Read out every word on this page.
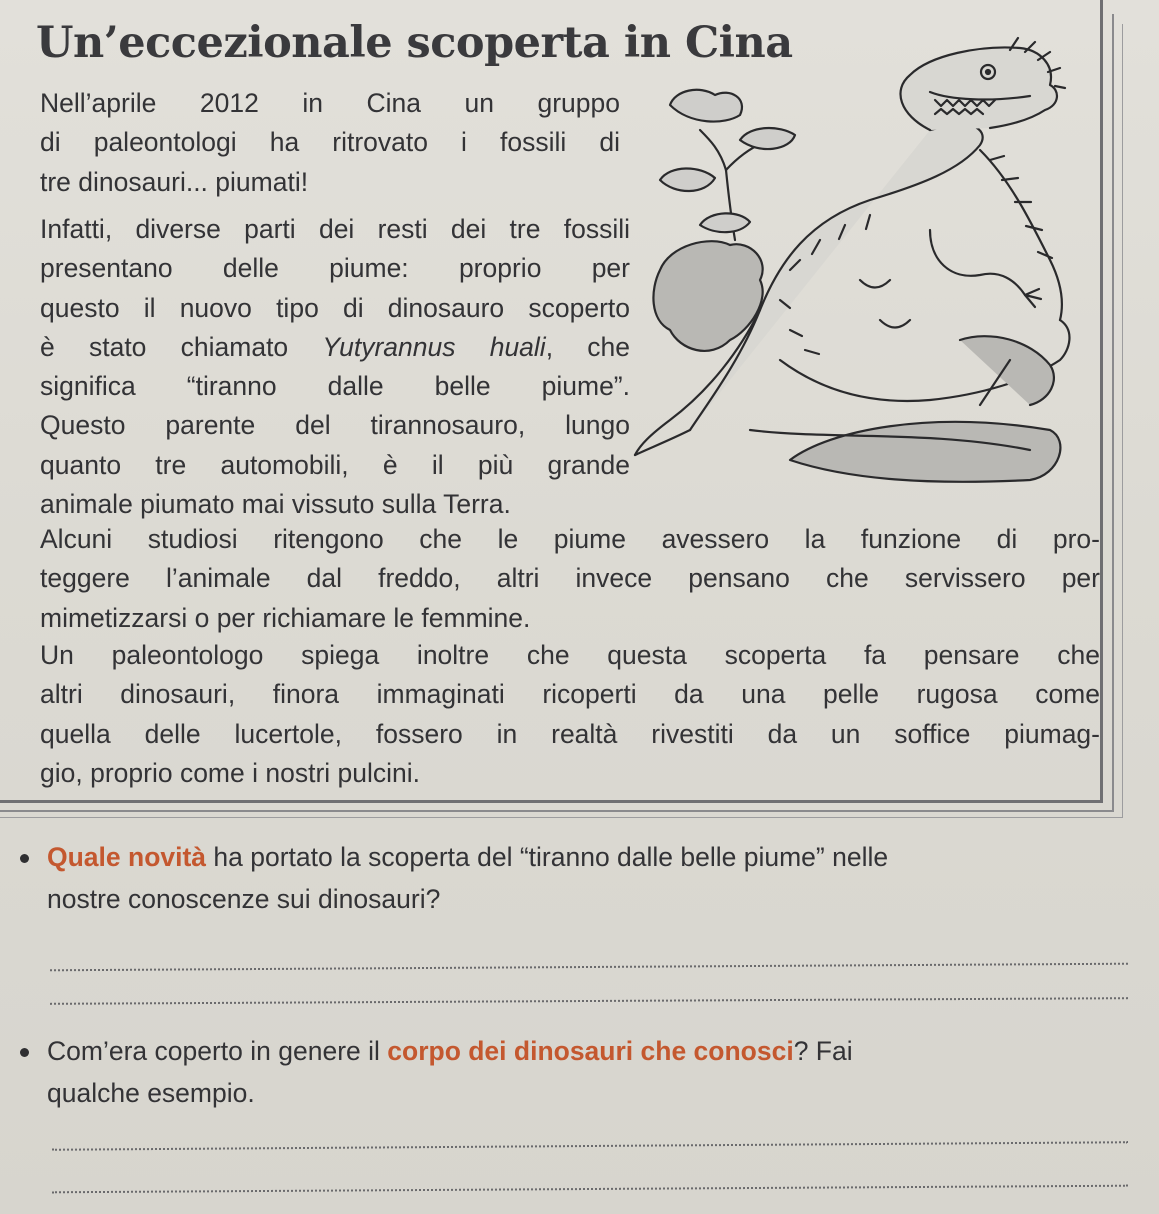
Un’eccezionale scoperta in Cina

Nell’aprile 2012 in Cina un gruppo
di paleontologi ha ritrovato i fossili di
tre dinosauri... piumati!

Infatti, diverse parti dei resti dei tre fossili
presentano delle piume: proprio per
questo il nuovo tipo di dinosauro scoperto
è stato chiamato Yutyrannus huali, che
significa “tiranno dalle belle piume”.
Questo parente del tirannosauro, lungo
quanto tre automobili, è il più grande
animale piumato mai vissuto sulla Terra.

Alcuni studiosi ritengono che le piume avessero la funzione di pro-
teggere l’animale dal freddo, altri invece pensano che servissero per
mimetizzarsi o per richiamare le femmine.

Un paleontologo spiega inoltre che questa scoperta fa pensare che
altri dinosauri, finora immaginati ricoperti da una pelle rugosa come
quella delle lucertole, fossero in realtà rivestiti da un soffice piumag-
gio, proprio come i nostri pulcini.

Quale novità ha portato la scoperta del “tiranno dalle belle piume” nelle
nostre conoscenze sui dinosauri?
Com’era coperto in genere il corpo dei dinosauri che conosci? Fai
qualche esempio.
